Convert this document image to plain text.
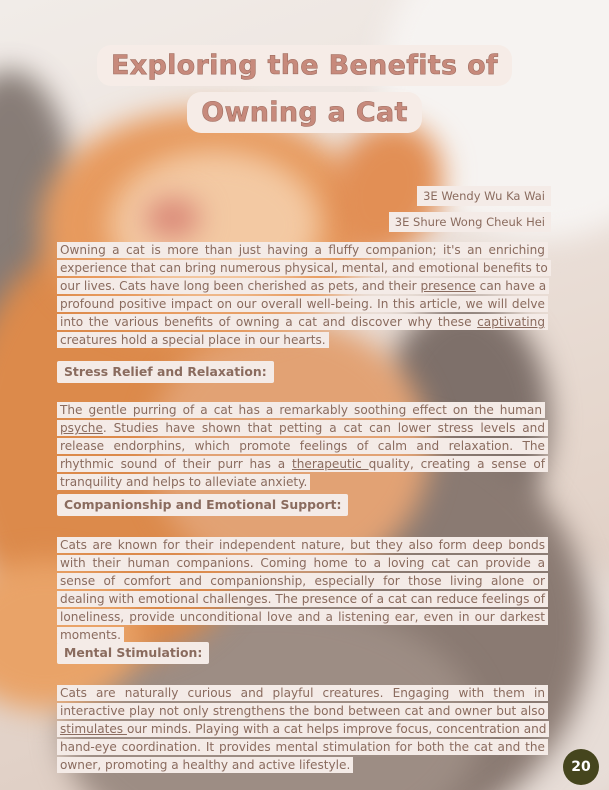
Exploring the Benefits of
Owning a Cat
3E Wendy Wu Ka Wai
3E Shure Wong Cheuk Hei

Owning a cat is more than just having a fluffy companion; it's an enriching experience that can bring numerous physical, mental, and emotional benefits to our lives. Cats have long been cherished as pets, and their presence can have a profound positive impact on our overall well-being. In this article, we will delve into the various benefits of owning a cat and discover why these captivating creatures hold a special place in our hearts.

Stress Relief and Relaxation:

The gentle purring of a cat has a remarkably soothing effect on the human psyche. Studies have shown that petting a cat can lower stress levels and release endorphins, which promote feelings of calm and relaxation. The rhythmic sound of their purr has a therapeutic quality, creating a sense of tranquility and helps to alleviate anxiety.

Companionship and Emotional Support:

Cats are known for their independent nature, but they also form deep bonds with their human companions. Coming home to a loving cat can provide a sense of comfort and companionship, especially for those living alone or dealing with emotional challenges. The presence of a cat can reduce feelings of loneliness, provide unconditional love and a listening ear, even in our darkest moments.

Mental Stimulation:

Cats are naturally curious and playful creatures. Engaging with them in interactive play not only strengthens the bond between cat and owner but also stimulates our minds. Playing with a cat helps improve focus, concentration and hand-eye coordination. It provides mental stimulation for both the cat and the owner, promoting a healthy and active lifestyle.	20
